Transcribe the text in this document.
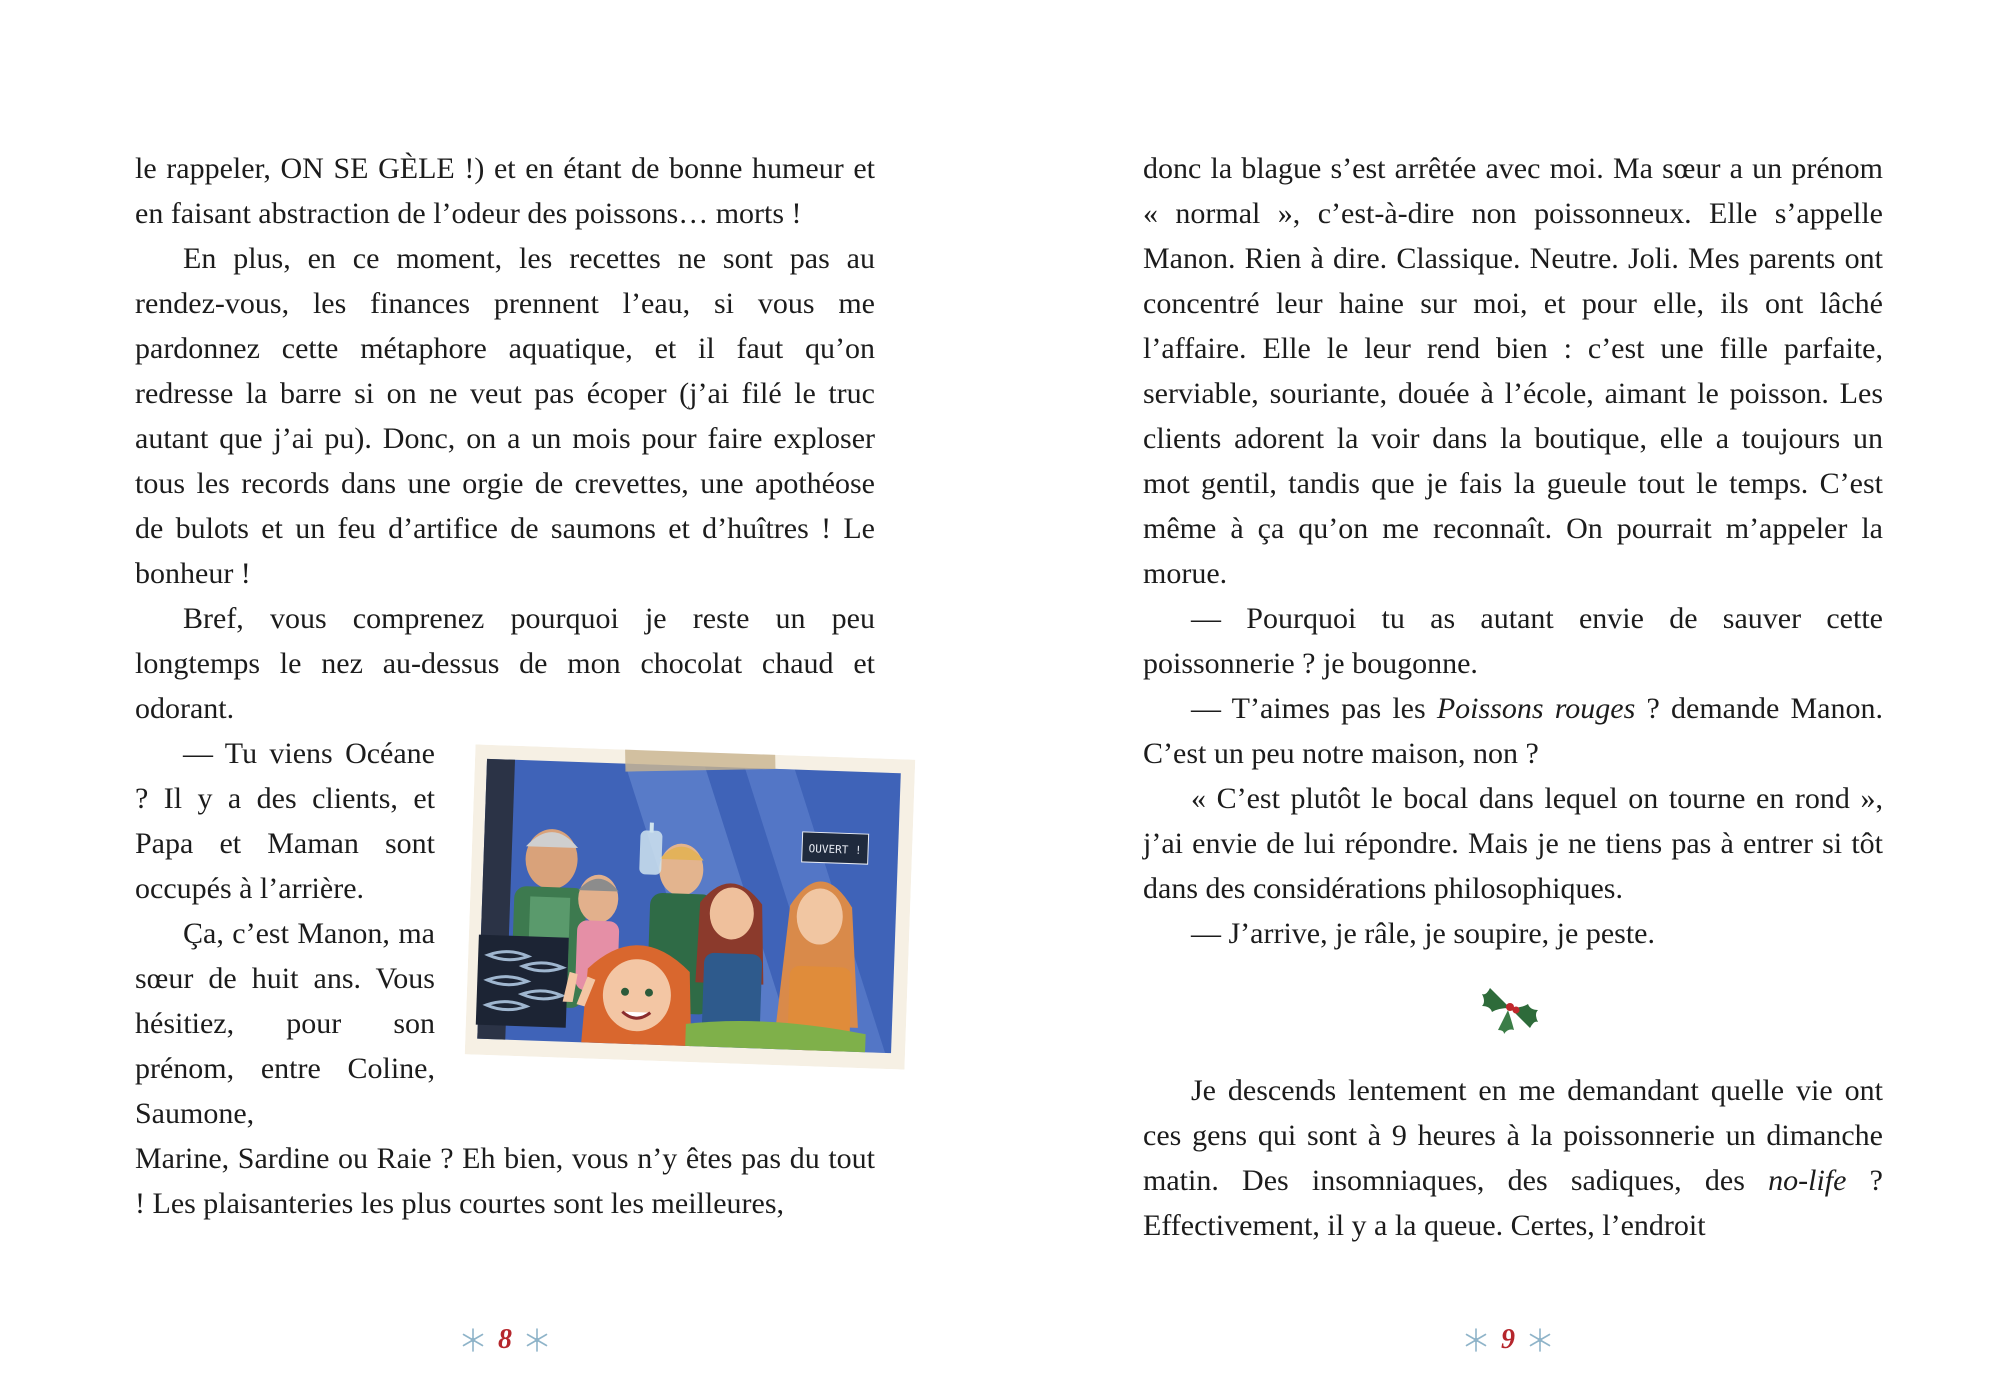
le rappeler, ON SE GÈLE !) et en étant de bonne humeur et en faisant abstraction de l’odeur des poissons… morts !

En plus, en ce moment, les recettes ne sont pas au rendez-vous, les finances prennent l’eau, si vous me pardonnez cette métaphore aquatique, et il faut qu’on redresse la barre si on ne veut pas écoper (j’ai filé le truc autant que j’ai pu). Donc, on a un mois pour faire exploser tous les records dans une orgie de crevettes, une apothéose de bulots et un feu d’artifice de saumons et d’huîtres ! Le bonheur !

Bref, vous comprenez pourquoi je reste un peu longtemps le nez au-dessus de mon chocolat chaud et odorant.

— Tu viens Océane ? Il y a des clients, et Papa et Maman sont occupés à l’arrière.

Ça, c’est Manon, ma sœur de huit ans. Vous hésitiez, pour son prénom, entre Coline, Saumone,

Marine, Sardine ou Raie ? Eh bien, vous n’y êtes pas du tout ! Les plaisanteries les plus courtes sont les meilleures,

OUVERT !
8

donc la blague s’est arrêtée avec moi. Ma sœur a un prénom « normal », c’est-à-dire non poissonneux. Elle s’appelle Manon. Rien à dire. Classique. Neutre. Joli. Mes parents ont concentré leur haine sur moi, et pour elle, ils ont lâché l’affaire. Elle le leur rend bien : c’est une fille parfaite, serviable, souriante, douée à l’école, aimant le poisson. Les clients adorent la voir dans la boutique, elle a toujours un mot gentil, tandis que je fais la gueule tout le temps. C’est même à ça qu’on me reconnaît. On pourrait m’appeler la morue.

— Pourquoi tu as autant envie de sauver cette poissonnerie ? je bougonne.

— T’aimes pas les Poissons rouges ? demande Manon. C’est un peu notre maison, non ?

« C’est plutôt le bocal dans lequel on tourne en rond », j’ai envie de lui répondre. Mais je ne tiens pas à entrer si tôt dans des considérations philosophiques.

— J’arrive, je râle, je soupire, je peste.

Je descends lentement en me demandant quelle vie ont ces gens qui sont à 9 heures à la poissonnerie un dimanche matin. Des insomniaques, des sadiques, des no-life ? Effectivement, il y a la queue. Certes, l’endroit

9
